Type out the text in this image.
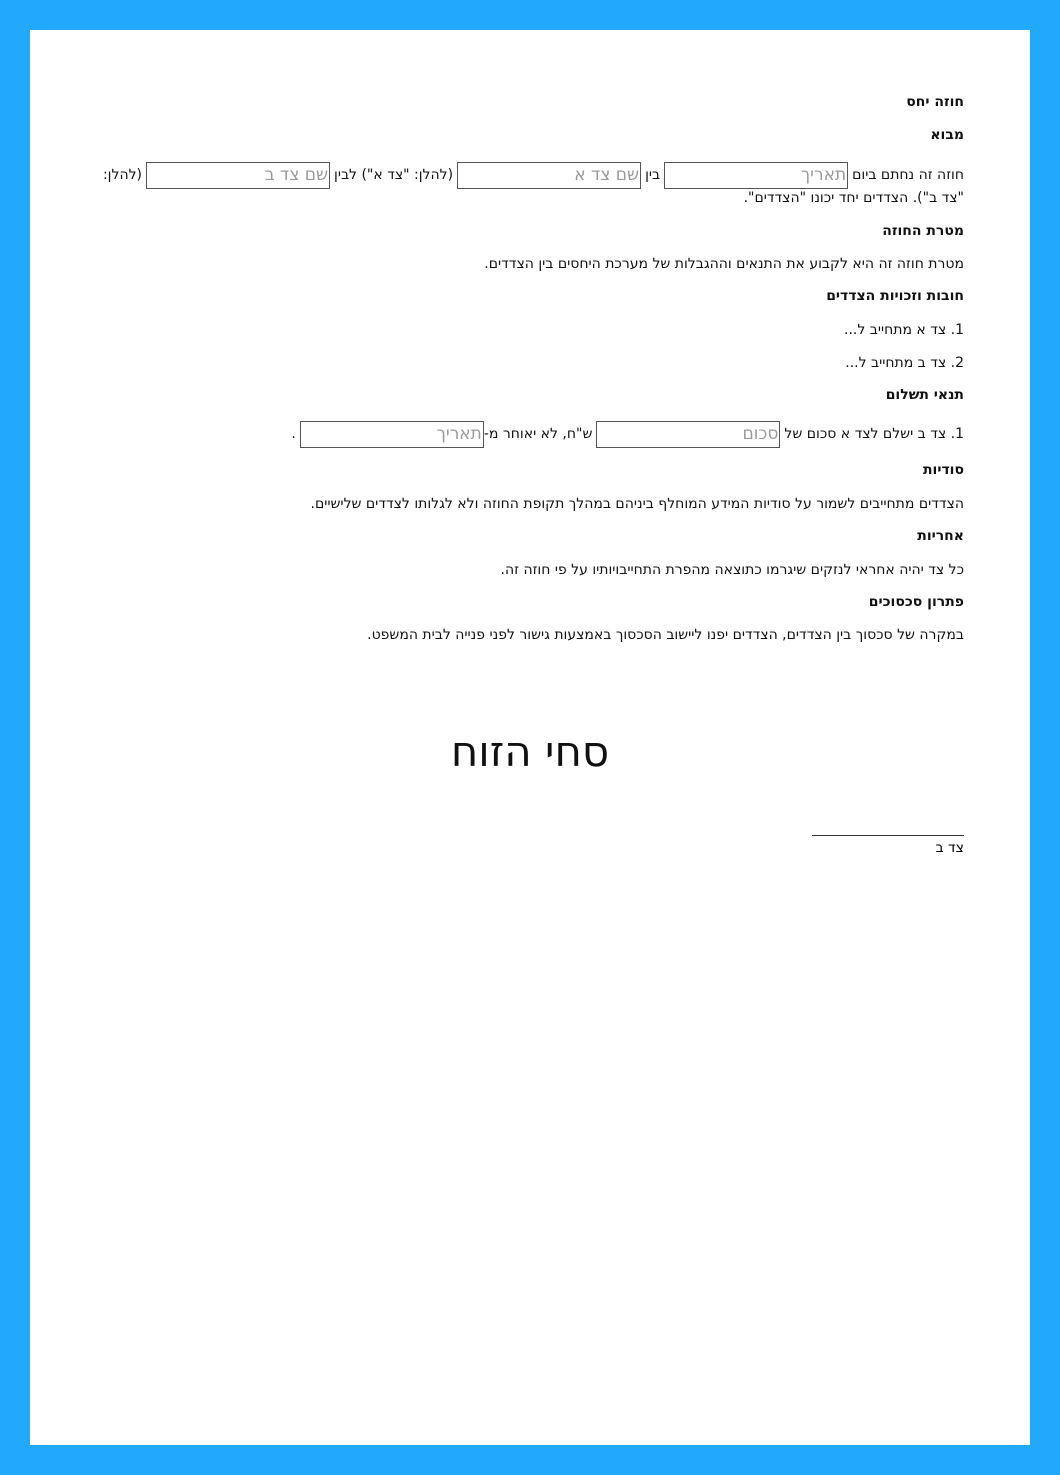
חוזה יחס
מבוא
חוזה זה נחתם ביום
תאריך
בין
שם צד א
(להלן: "צד א") לבין
שם צד ב
(להלן:
"צד ב"). הצדדים יחד יכונו "הצדדים".
מטרת החוזה
מטרת חוזה זה היא לקבוע את התנאים וההגבלות של מערכת היחסים בין הצדדים.
חובות וזכויות הצדדים
1. צד א מתחייב ל...
2. צד ב מתחייב ל...
תנאי תשלום
1. צד ב ישלם לצד א סכום של
סכום
ש"ח, לא יאוחר מ-
תאריך
.
סודיות
הצדדים מתחייבים לשמור על סודיות המידע המוחלף ביניהם במהלך תקופת החוזה ולא לגלותו לצדדים שלישיים.
אחריות
כל צד יהיה אחראי לנזקים שיגרמו כתוצאה מהפרת התחייבויותיו על פי חוזה זה.
פתרון סכסוכים
במקרה של סכסוך בין הצדדים, הצדדים יפנו ליישוב הסכסוך באמצעות גישור לפני פנייה לבית המשפט.
סחי הזוח
צד ב
